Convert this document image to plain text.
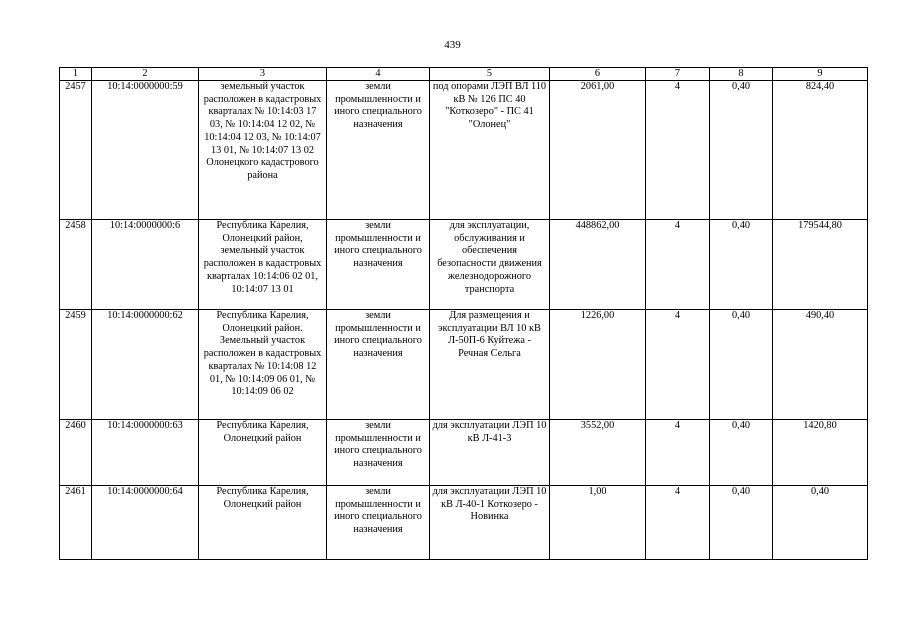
439
1	2	3	4	5	6	7	8	9
2457	10:14:0000000:59	земельный участок расположен в кадастровых кварталах № 10:14:03 17 03, № 10:14:04 12 02, № 10:14:04 12 03, № 10:14:07 13 01, № 10:14:07 13 02 Олонецкого кадастрового района	земли промышленности и иного специального назначения	под опорами ЛЭП ВЛ 110 кВ № 126 ПС 40 "Коткозеро" - ПС 41 "Олонец"	2061,00	4	0,40	824,40
2458	10:14:0000000:6	Республика Карелия, Олонецкий район, земельный участок расположен в кадастровых кварталах 10:14:06 02 01, 10:14:07 13 01	земли промышленности и иного специального назначения	для эксплуатации, обслуживания и обеспечения безопасности движения железнодорожного транспорта	448862,00	4	0,40	179544,80
2459	10:14:0000000:62	Республика Карелия, Олонецкий район. Земельный участок расположен в кадастровых кварталах № 10:14:08 12 01, № 10:14:09 06 01, № 10:14:09 06 02	земли промышленности и иного специального назначения	Для размещения и эксплуатации ВЛ 10 кВ Л-50П-6 Куйтежа - Речная Сельга	1226,00	4	0,40	490,40
2460	10:14:0000000:63	Республика Карелия, Олонецкий район	земли промышленности и иного специального назначения	для эксплуатации ЛЭП 10 кВ Л-41-3	3552,00	4	0,40	1420,80
2461	10:14:0000000:64	Республика Карелия, Олонецкий район	земли промышленности и иного специального назначения	для эксплуатации ЛЭП 10 кВ Л-40-1 Коткозеро - Новинка	1,00	4	0,40	0,40
